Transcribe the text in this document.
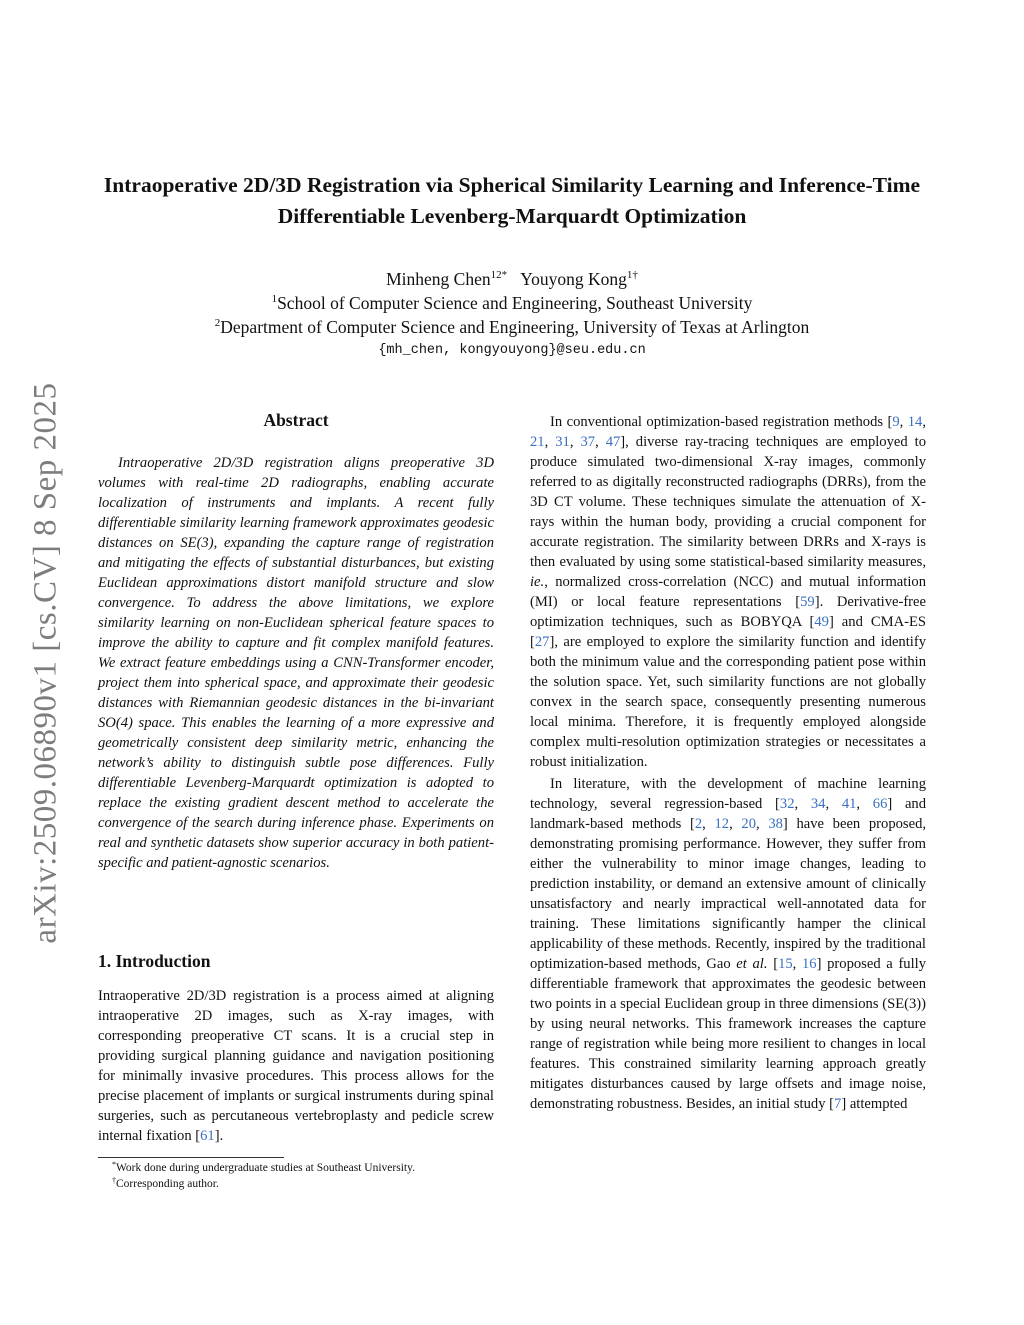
arXiv:2509.06890v1 [cs.CV] 8 Sep 2025
Intraoperative 2D/3D Registration via Spherical Similarity Learning and Inference-Time Differentiable Levenberg-Marquardt Optimization
Minheng Chen$^{12*}$ Youyong Kong$^{1\dagger}$
$^1$School of Computer Science and Engineering, Southeast University
$^2$Department of Computer Science and Engineering, University of Texas at Arlington
{mh_chen, kongyouyong}@seu.edu.cn
Abstract

Intraoperative 2D/3D registration aligns preoperative 3D volumes with real-time 2D radiographs, enabling accurate localization of instruments and implants. A recent fully differentiable similarity learning framework approximates geodesic distances on SE(3), expanding the capture range of registration and mitigating the effects of substantial disturbances, but existing Euclidean approximations distort manifold structure and slow convergence. To address the above limitations, we explore similarity learning on non-Euclidean spherical feature spaces to improve the ability to capture and fit complex manifold features. We extract feature embeddings using a CNN-Transformer encoder, project them into spherical space, and approximate their geodesic distances with Riemannian geodesic distances in the bi-invariant SO(4) space. This enables the learning of a more expressive and geometrically consistent deep similarity metric, enhancing the network’s ability to distinguish subtle pose differences. Fully differentiable Levenberg-Marquardt optimization is adopted to replace the existing gradient descent method to accelerate the convergence of the search during inference phase. Experiments on real and synthetic datasets show superior accuracy in both patient-specific and patient-agnostic scenarios.

1. Introduction

Intraoperative 2D/3D registration is a process aimed at aligning intraoperative 2D images, such as X-ray images, with corresponding preoperative CT scans. It is a crucial step in providing surgical planning guidance and navigation positioning for minimally invasive procedures. This process allows for the precise placement of implants or surgical instruments during spinal surgeries, such as percutaneous vertebroplasty and pedicle screw internal fixation [61].

*Work done during undergraduate studies at Southeast University.
†Corresponding author.

In conventional optimization-based registration methods [9, 14, 21, 31, 37, 47], diverse ray-tracing techniques are employed to produce simulated two-dimensional X-ray images, commonly referred to as digitally reconstructed radiographs (DRRs), from the 3D CT volume. These techniques simulate the attenuation of X-rays within the human body, providing a crucial component for accurate registration. The similarity between DRRs and X-rays is then evaluated by using some statistical-based similarity measures, ie., normalized cross-correlation (NCC) and mutual information (MI) or local feature representations [59]. Derivative-free optimization techniques, such as BOBYQA [49] and CMA-ES [27], are employed to explore the similarity function and identify both the minimum value and the corresponding patient pose within the solution space. Yet, such similarity functions are not globally convex in the search space, consequently presenting numerous local minima. Therefore, it is frequently employed alongside complex multi-resolution optimization strategies or necessitates a robust initialization.

In literature, with the development of machine learning technology, several regression-based [32, 34, 41, 66] and landmark-based methods [2, 12, 20, 38] have been proposed, demonstrating promising performance. However, they suffer from either the vulnerability to minor image changes, leading to prediction instability, or demand an extensive amount of clinically unsatisfactory and nearly impractical well-annotated data for training. These limitations significantly hamper the clinical applicability of these methods. Recently, inspired by the traditional optimization-based methods, Gao et al. [15, 16] proposed a fully differentiable framework that approximates the geodesic between two points in a special Euclidean group in three dimensions (SE(3)) by using neural networks. This framework increases the capture range of registration while being more resilient to changes in local features. This constrained similarity learning approach greatly mitigates disturbances caused by large offsets and image noise, demonstrating robustness. Besides, an initial study [7] attempted
